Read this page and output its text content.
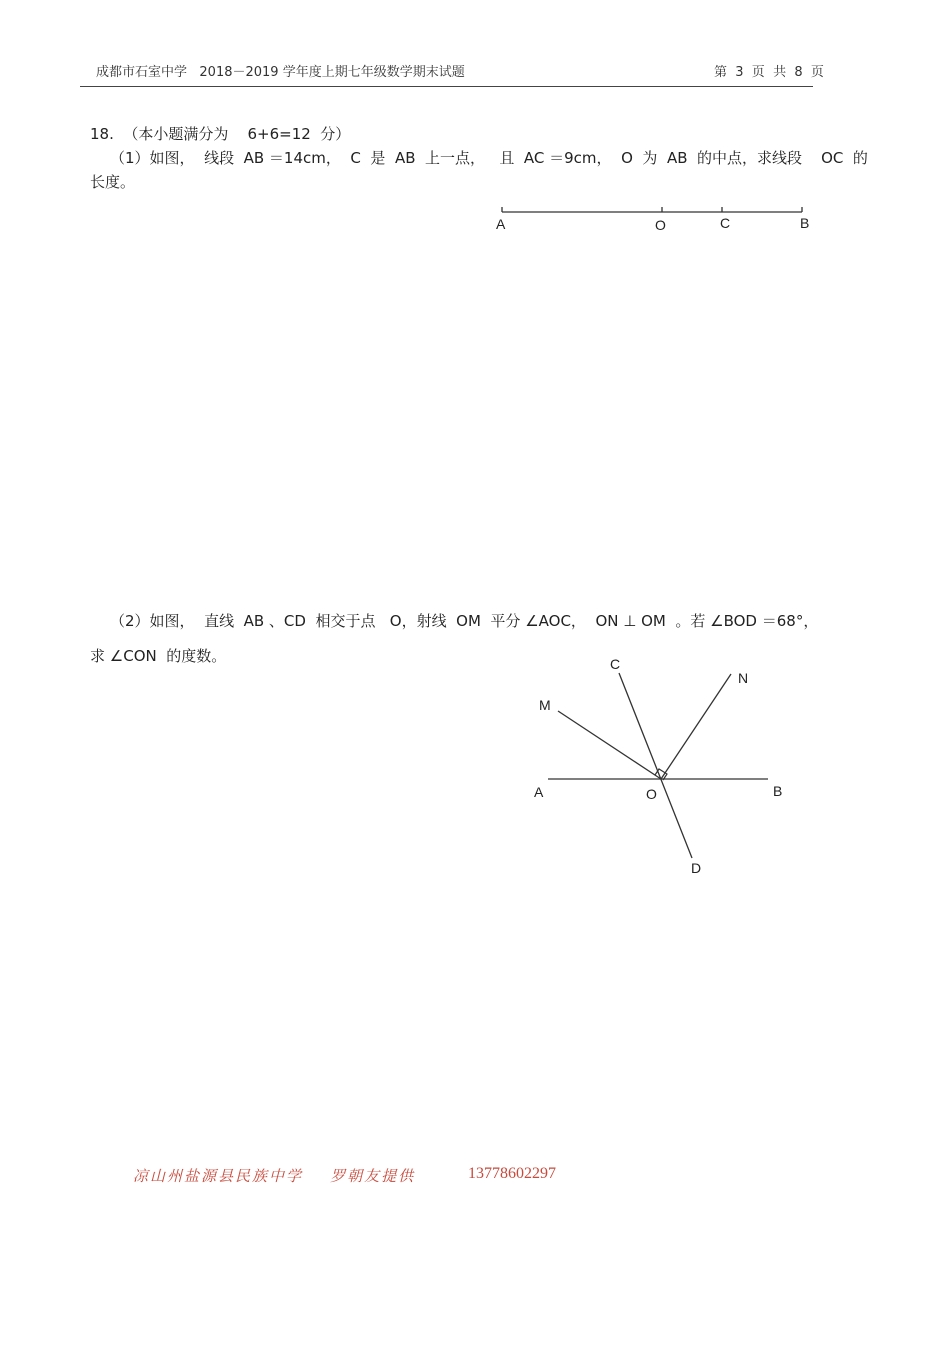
成都市石室中学   2018－2019 学年度上期七年级数学期末试题	第  3  页  共  8  页
18.  （本小题满分为    6+6=12  分）
（1）如图，  线段  AB ＝14cm，  C  是  AB  上一点，   且  AC ＝9cm，  O  为  AB  的中点，求线段    OC  的
长度。
A	O	C	B
（2）如图，  直线  AB 、CD  相交于点   O，射线  OM  平分 ∠AOC，  ON ⊥ OM  。若 ∠BOD ＝68°，
求 ∠CON  的度数。	C
N
M
A	O	B
D
凉山州盐源县民族中学    罗朝友提供	13778602297
